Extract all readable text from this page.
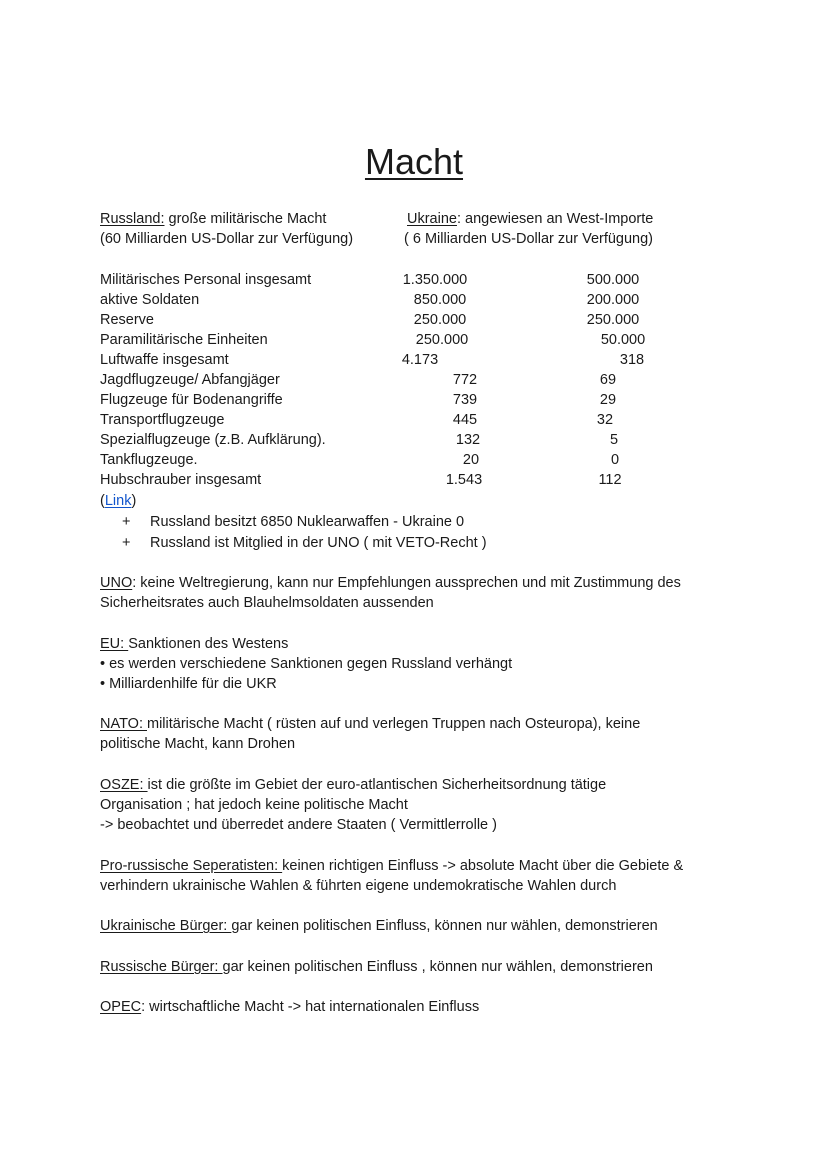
Macht
Russland: große militärische Macht
(60 Milliarden US-Dollar zur Verfügung)
Ukraine: angewiesen an West-Importe
( 6 Milliarden US-Dollar zur Verfügung)
Militärisches Personal insgesamt	1.350.000	500.000
aktive Soldaten	850.000	200.000
Reserve	250.000	250.000
Paramilitärische Einheiten	250.000	50.000
Luftwaffe insgesamt	4.173	318
Jagdflugzeuge/ Abfangjäger	772	69
Flugzeuge für Bodenangriffe	739	29
Transportflugzeuge	445	32
Spezialflugzeuge (z.B. Aufklärung).	132	5
Tankflugzeuge.	20	0
Hubschrauber insgesamt	1.543	112
(Link)
+ Russland besitzt 6850 Nuklearwaffen - Ukraine 0
+ Russland ist Mitglied in der UNO ( mit VETO-Recht )
UNO: keine Weltregierung, kann nur Empfehlungen aussprechen und mit Zustimmung des
Sicherheitsrates auch Blauhelmsoldaten aussenden
EU: Sanktionen des Westens
• es werden verschiedene Sanktionen gegen Russland verhängt
• Milliardenhilfe für die UKR
NATO: militärische Macht ( rüsten auf und verlegen Truppen nach Osteuropa), keine
politische Macht, kann Drohen
OSZE: ist die größte im Gebiet der euro-atlantischen Sicherheitsordnung tätige
Organisation ; hat jedoch keine politische Macht
-> beobachtet und überredet andere Staaten ( Vermittlerrolle )
Pro-russische Seperatisten: keinen richtigen Einfluss -> absolute Macht über die Gebiete &
verhindern ukrainische Wahlen & führten eigene undemokratische Wahlen durch
Ukrainische Bürger: gar keinen politischen Einfluss, können nur wählen, demonstrieren
Russische Bürger: gar keinen politischen Einfluss , können nur wählen, demonstrieren
OPEC: wirtschaftliche Macht -> hat internationalen Einfluss
